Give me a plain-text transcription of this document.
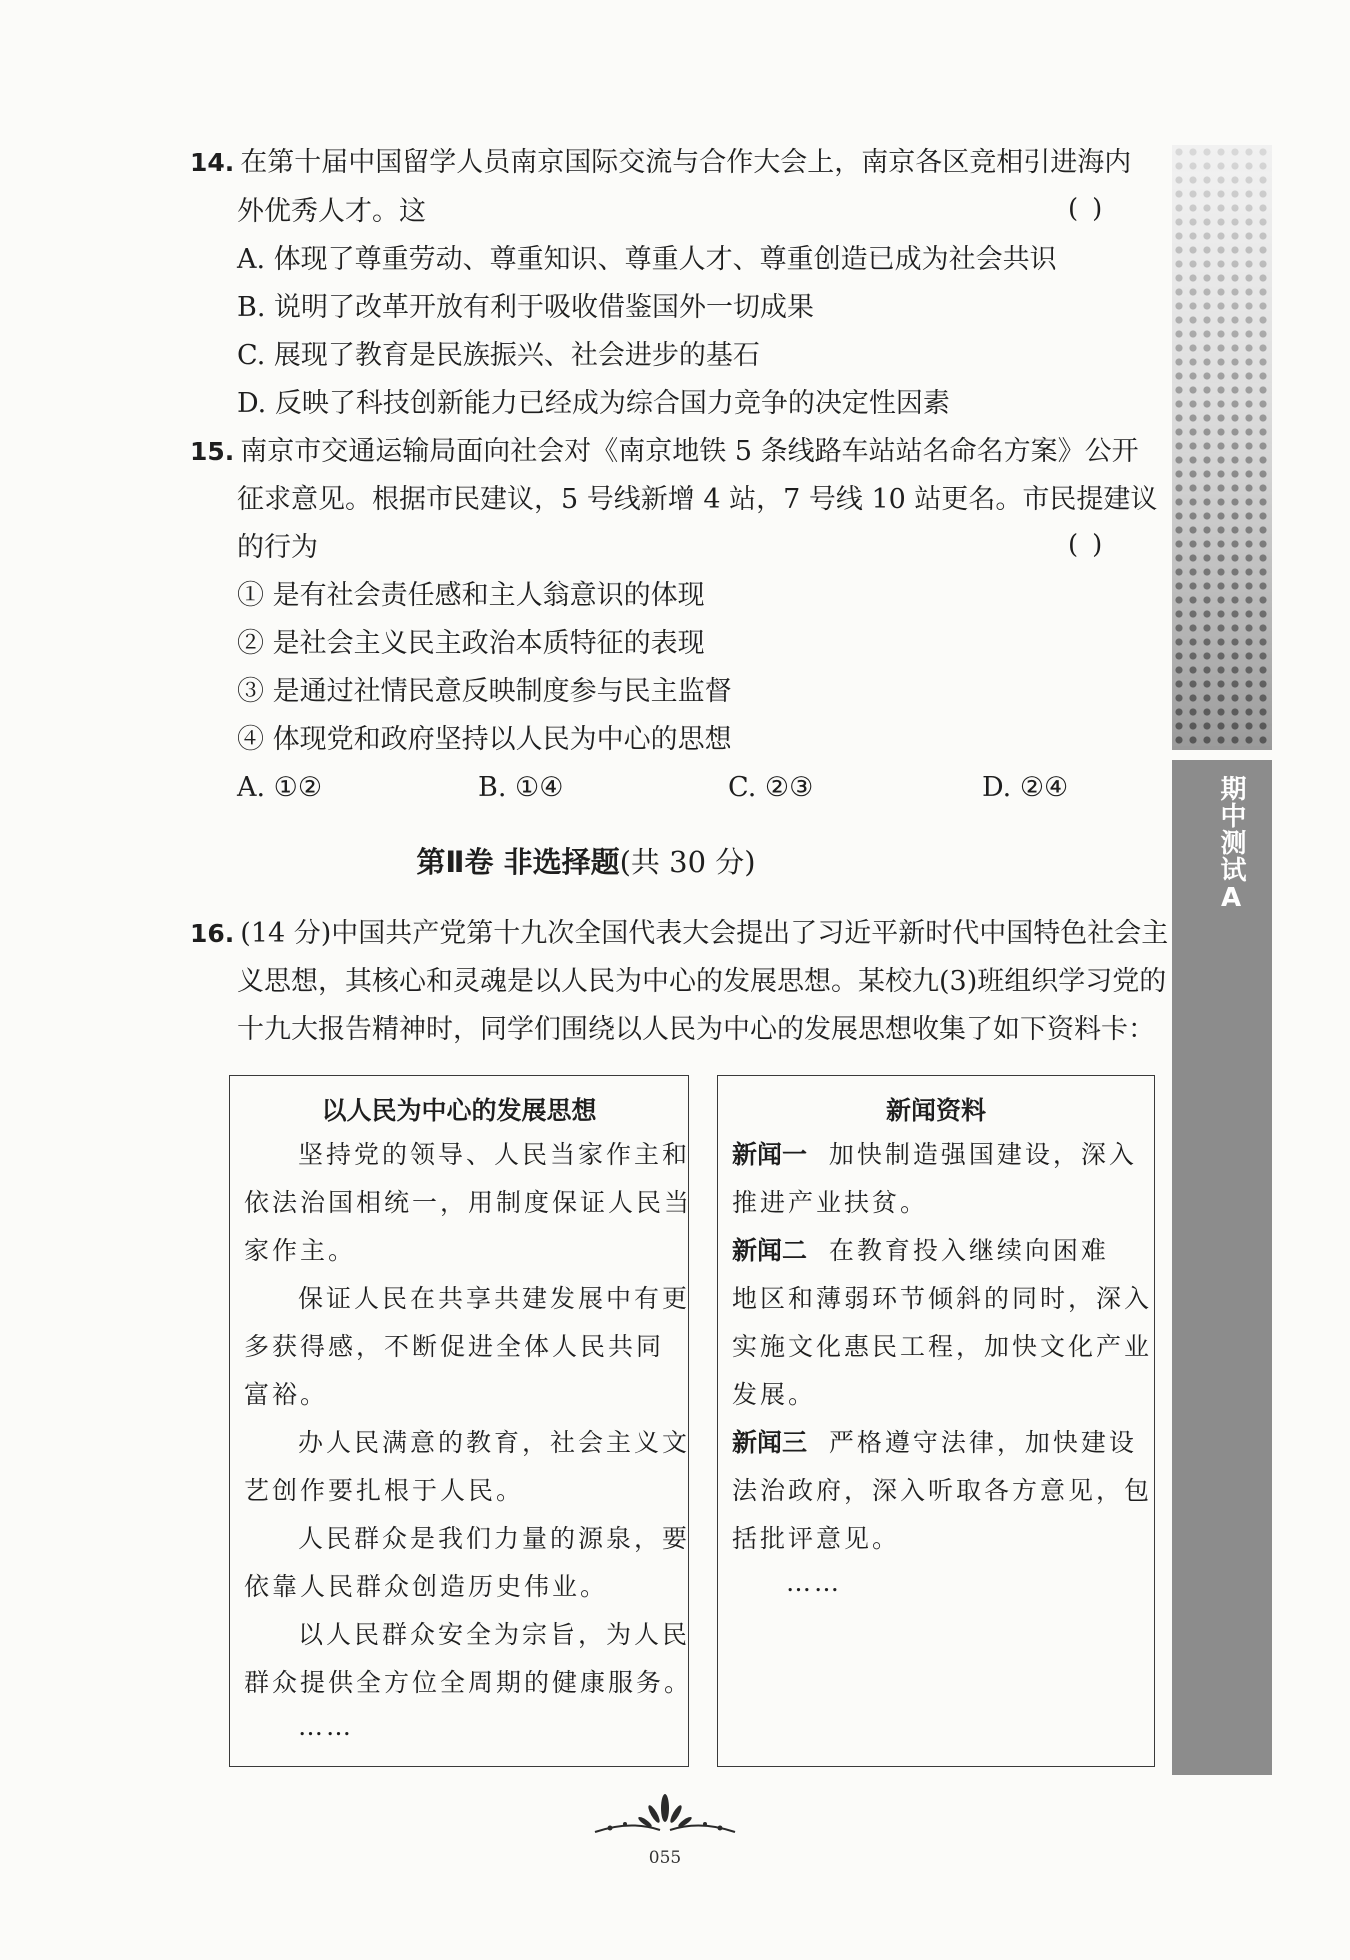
期中测试A
14. 在第十届中国留学人员南京国际交流与合作大会上，南京各区竞相引进海内
外优秀人才。这	()
A. 体现了尊重劳动、尊重知识、尊重人才、尊重创造已成为社会共识
B. 说明了改革开放有利于吸收借鉴国外一切成果
C. 展现了教育是民族振兴、社会进步的基石
D. 反映了科技创新能力已经成为综合国力竞争的决定性因素
15. 南京市交通运输局面向社会对《南京地铁 5 条线路车站站名命名方案》公开
征求意见。根据市民建议，5 号线新增 4 站，7 号线 10 站更名。市民提建议
的行为	()
① 是有社会责任感和主人翁意识的体现
② 是社会主义民主政治本质特征的表现
③ 是通过社情民意反映制度参与民主监督
④ 体现党和政府坚持以人民为中心的思想
A. ①②	B. ①④	C. ②③	D. ②④
第Ⅱ卷 非选择题(共 30 分)
16. (14 分)中国共产党第十九次全国代表大会提出了习近平新时代中国特色社会主
义思想，其核心和灵魂是以人民为中心的发展思想。某校九(3)班组织学习党的
十九大报告精神时，同学们围绕以人民为中心的发展思想收集了如下资料卡：
以人民为中心的发展思想
坚持党的领导、人民当家作主和
依法治国相统一，用制度保证人民当
家作主。
保证人民在共享共建发展中有更
多获得感，不断促进全体人民共同
富裕。
办人民满意的教育，社会主义文
艺创作要扎根于人民。
人民群众是我们力量的源泉，要
依靠人民群众创造历史伟业。
以人民群众安全为宗旨，为人民
群众提供全方位全周期的健康服务。
……
新闻资料
新闻一 加快制造强国建设，深入
推进产业扶贫。
新闻二 在教育投入继续向困难
地区和薄弱环节倾斜的同时，深入
实施文化惠民工程，加快文化产业
发展。
新闻三 严格遵守法律，加快建设
法治政府，深入听取各方意见，包
括批评意见。
……
055
